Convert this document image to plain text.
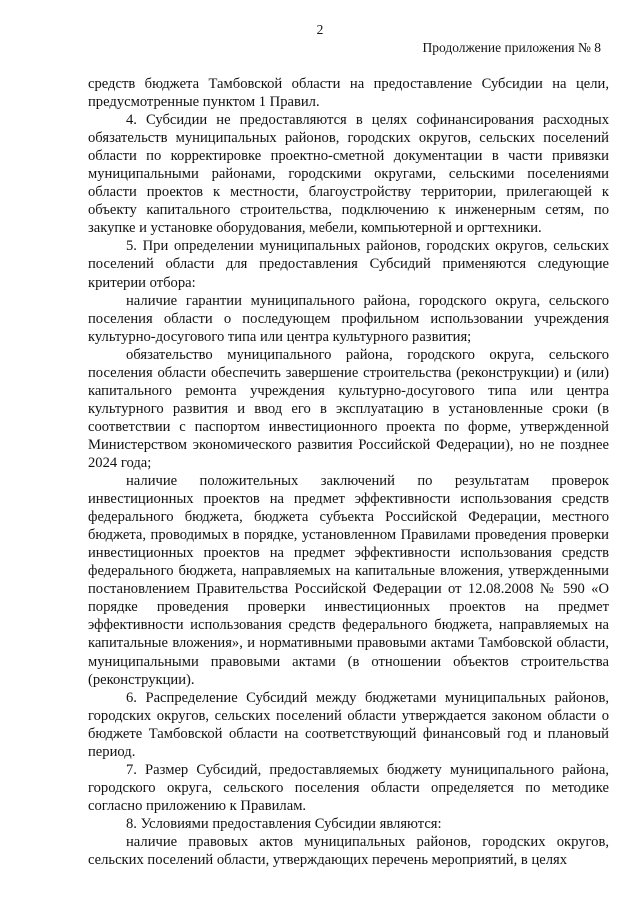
2
Продолжение приложения № 8

средств бюджета Тамбовской области на предоставление Субсидии на цели, предусмотренные пунктом 1 Правил.

4. Субсидии не предоставляются в целях софинансирования расходных обязательств муниципальных районов, городских округов, сельских поселений области по корректировке проектно-сметной документации в части привязки муниципальными районами, городскими округами, сельскими поселениями области проектов к местности, благоустройству территории, прилегающей к объекту капитального строительства, подключению к инженерным сетям, по закупке и установке оборудования, мебели, компьютерной и оргтехники.

5. При определении муниципальных районов, городских округов, сельских поселений области для предоставления Субсидий применяются следующие критерии отбора:

наличие гарантии муниципального района, городского округа, сельского поселения области о последующем профильном использовании учреждения культурно-досугового типа или центра культурного развития;

обязательство муниципального района, городского округа, сельского поселения области обеспечить завершение строительства (реконструкции) и (или) капитального ремонта учреждения культурно-досугового типа или центра культурного развития и ввод его в эксплуатацию в установленные сроки (в соответствии с паспортом инвестиционного проекта по форме, утвержденной Министерством экономического развития Российской Федерации), но не позднее 2024 года;

наличие положительных заключений по результатам проверок инвестиционных проектов на предмет эффективности использования средств федерального бюджета, бюджета субъекта Российской Федерации, местного бюджета, проводимых в порядке, установленном Правилами проведения проверки инвестиционных проектов на предмет эффективности использования средств федерального бюджета, направляемых на капитальные вложения, утвержденными постановлением Правительства Российской Федерации от 12.08.2008 № 590 «О порядке проведения проверки инвестиционных проектов на предмет эффективности использования средств федерального бюджета, направляемых на капитальные вложения», и нормативными правовыми актами Тамбовской области, муниципальными правовыми актами (в отношении объектов строительства (реконструкции).

6. Распределение Субсидий между бюджетами муниципальных районов, городских округов, сельских поселений области утверждается законом области о бюджете Тамбовской области на соответствующий финансовый год и плановый период.

7. Размер Субсидий, предоставляемых бюджету муниципального района, городского округа, сельского поселения области определяется по методике согласно приложению к Правилам.

8. Условиями предоставления Субсидии являются:

наличие правовых актов муниципальных районов, городских округов, сельских поселений области, утверждающих перечень мероприятий, в целях
